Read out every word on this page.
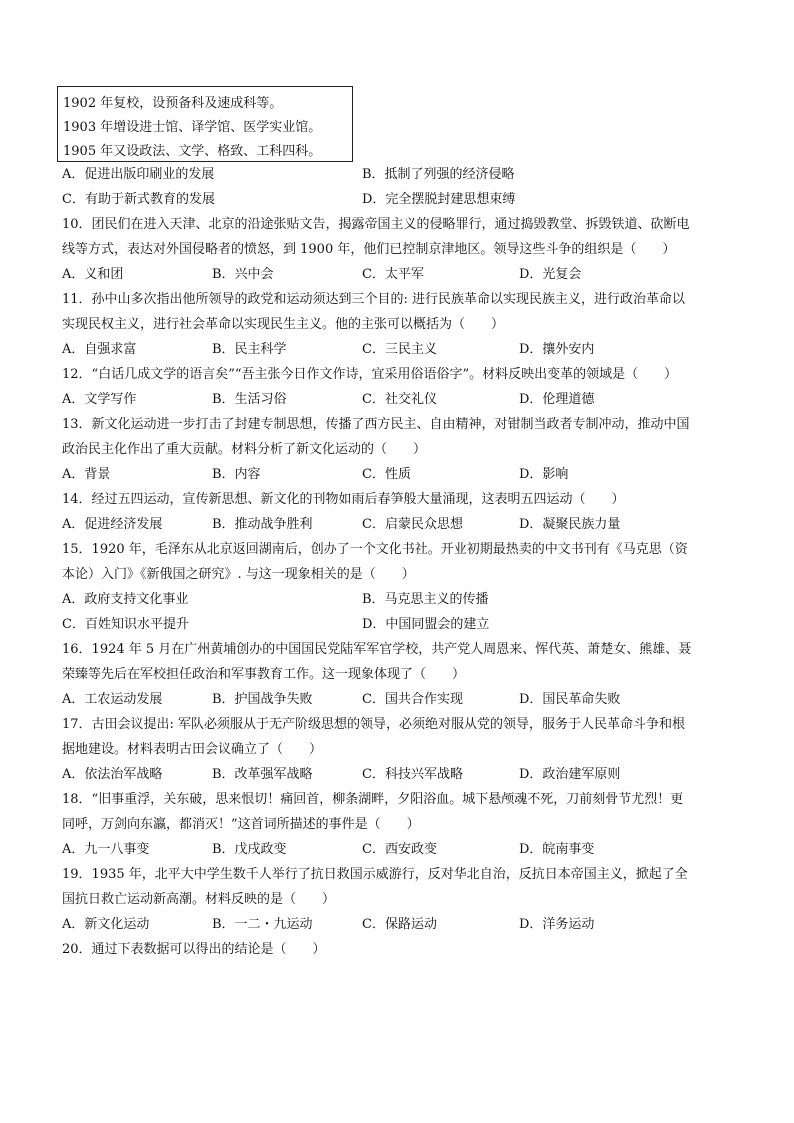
1902 年复校，设预备科及速成科等。
1903 年增设进士馆、译学馆、医学实业馆。
1905 年又设政法、文学、格致、工科四科。
A．促进出版印刷业的发展	B．抵制了列强的经济侵略
C．有助于新式教育的发展	D．完全摆脱封建思想束缚
10．团民们在进入天津、北京的沿途张贴文告，揭露帝国主义的侵略罪行，通过捣毁教堂、拆毁铁道、砍断电
线等方式，表达对外国侵略者的愤怒，到 1900 年，他们已控制京津地区。领导这些斗争的组织是（　　）
A．义和团	B．兴中会	C．太平军	D．光复会
11．孙中山多次指出他所领导的政党和运动须达到三个目的: 进行民族革命以实现民族主义，进行政治革命以
实现民权主义，进行社会革命以实现民生主义。他的主张可以概括为（　　）
A．自强求富	B．民主科学	C．三民主义	D．攘外安内
12．“白话几成文学的语言矣”“吾主张今日作文作诗，宜采用俗语俗字”。材料反映出变革的领域是（　　）
A．文学写作	B．生活习俗	C．社交礼仪	D．伦理道德
13．新文化运动进一步打击了封建专制思想，传播了西方民主、自由精神，对钳制当政者专制冲动，推动中国
政治民主化作出了重大贡献。材料分析了新文化运动的（　　）
A．背景	B．内容	C．性质	D．影响
14．经过五四运动，宣传新思想、新文化的刊物如雨后春笋般大量涌现，这表明五四运动（　　）
A．促进经济发展	B．推动战争胜利	C．启蒙民众思想	D．凝聚民族力量
15．1920 年，毛泽东从北京返回湖南后，创办了一个文化书社。开业初期最热卖的中文书刊有《马克思（资
本论）入门》《新俄国之研究》. 与这一现象相关的是（　　）
A．政府支持文化事业	B．马克思主义的传播
C．百姓知识水平提升	D．中国同盟会的建立
16．1924 年 5 月在广州黄埔创办的中国国民党陆军军官学校，共产党人周恩来、恽代英、萧楚女、熊雄、聂
荣臻等先后在军校担任政治和军事教育工作。这一现象体现了（　　）
A．工农运动发展	B．护国战争失败	C．国共合作实现	D．国民革命失败
17．古田会议提出: 军队必须服从于无产阶级思想的领导，必须绝对服从党的领导，服务于人民革命斗争和根
据地建设。材料表明古田会议确立了（　　）
A．依法治军战略	B．改革强军战略	C．科技兴军战略	D．政治建军原则
18．“旧事重浮，关东破，思来恨切！痛回首，柳条湖畔，夕阳浴血。城下悬颅魂不死，刀前刻骨节尤烈！更
同呼，万剑向东瀛，都消灭！”这首词所描述的事件是（　　）
A．九一八事变	B．戊戌政变	C．西安政变	D．皖南事变
19．1935 年，北平大中学生数千人举行了抗日救国示威游行，反对华北自治，反抗日本帝国主义，掀起了全
国抗日救亡运动新高潮。材料反映的是（　　）
A．新文化运动	B．一二・九运动	C．保路运动	D．洋务运动
20．通过下表数据可以得出的结论是（　　）
